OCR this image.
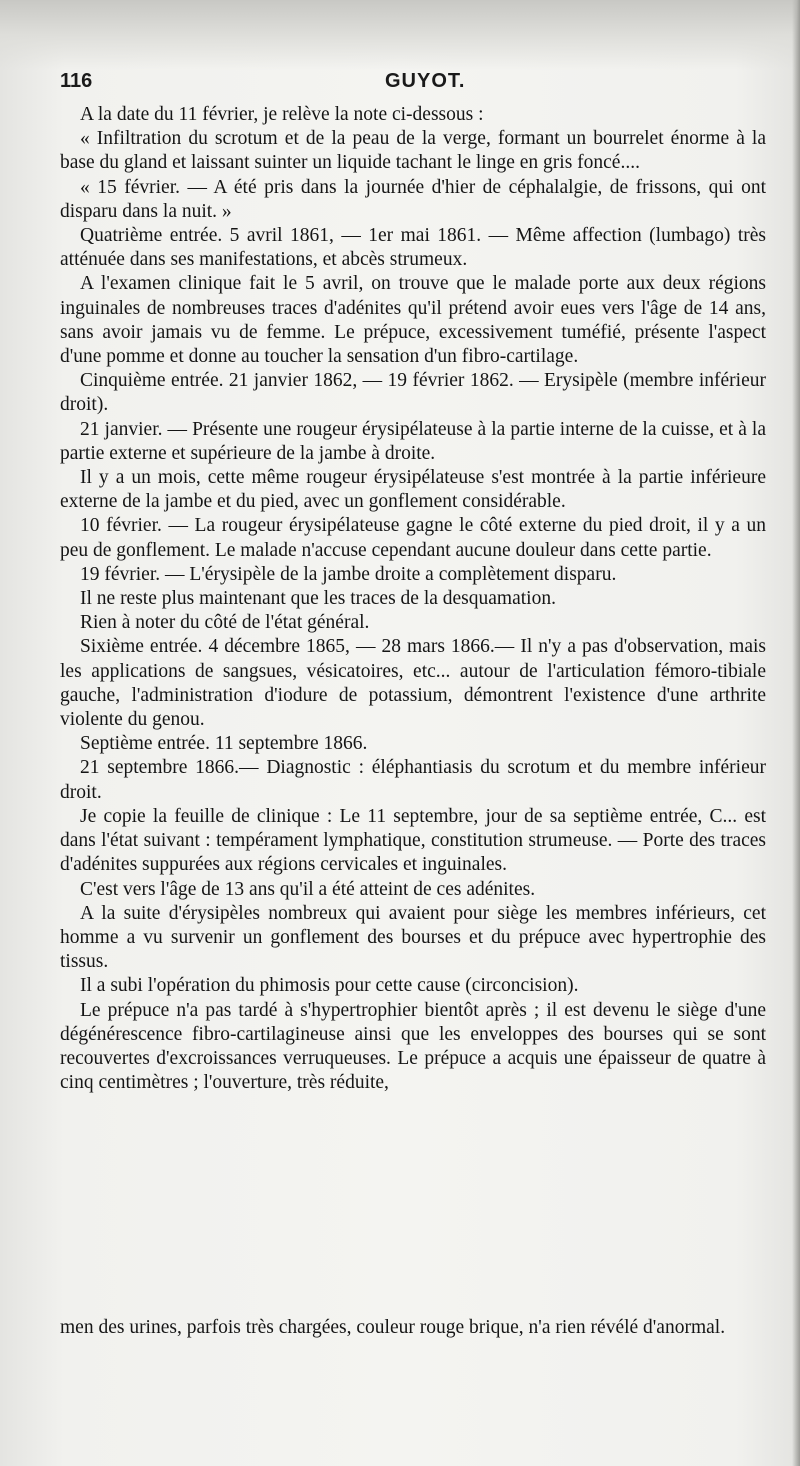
116	GUYOT.

A la date du 11 février, je relève la note ci-dessous :

« Infiltration du scrotum et de la peau de la verge, formant un bourrelet énorme à la base du gland et laissant suinter un liquide tachant le linge en gris foncé....

« 15 février. — A été pris dans la journée d'hier de céphalalgie, de frissons, qui ont disparu dans la nuit. »

Quatrième entrée. 5 avril 1861, — 1er mai 1861. — Même affection (lumbago) très atténuée dans ses manifestations, et abcès strumeux.

A l'examen clinique fait le 5 avril, on trouve que le malade porte aux deux régions inguinales de nombreuses traces d'adénites qu'il prétend avoir eues vers l'âge de 14 ans, sans avoir jamais vu de femme. Le prépuce, excessivement tuméfié, présente l'aspect d'une pomme et donne au toucher la sensation d'un fibro-cartilage.

Cinquième entrée. 21 janvier 1862, — 19 février 1862. — Erysipèle (membre inférieur droit).

21 janvier. — Présente une rougeur érysipélateuse à la partie interne de la cuisse, et à la partie externe et supérieure de la jambe à droite.

Il y a un mois, cette même rougeur érysipélateuse s'est montrée à la partie inférieure externe de la jambe et du pied, avec un gonflement considérable.

10 février. — La rougeur érysipélateuse gagne le côté externe du pied droit, il y a un peu de gonflement. Le malade n'accuse cependant aucune douleur dans cette partie.

19 février. — L'érysipèle de la jambe droite a complètement disparu.

Il ne reste plus maintenant que les traces de la desquamation.

Rien à noter du côté de l'état général.

Sixième entrée. 4 décembre 1865, — 28 mars 1866.— Il n'y a pas d'observation, mais les applications de sangsues, vésicatoires, etc... autour de l'articulation fémoro-tibiale gauche, l'administration d'iodure de potassium, démontrent l'existence d'une arthrite violente du genou.

Septième entrée. 11 septembre 1866.

21 septembre 1866.— Diagnostic : éléphantiasis du scrotum et du membre inférieur droit.

Je copie la feuille de clinique : Le 11 septembre, jour de sa septième entrée, C... est dans l'état suivant : tempérament lymphatique, constitution strumeuse. — Porte des traces d'adénites suppurées aux régions cervicales et inguinales.

C'est vers l'âge de 13 ans qu'il a été atteint de ces adénites.

A la suite d'érysipèles nombreux qui avaient pour siège les membres inférieurs, cet homme a vu survenir un gonflement des bourses et du prépuce avec hypertrophie des tissus.

Il a subi l'opération du phimosis pour cette cause (circoncision).

Le prépuce n'a pas tardé à s'hypertrophier bientôt après ; il est devenu le siège d'une dégénérescence fibro-cartilagineuse ainsi que les enveloppes des bourses qui se sont recouvertes d'excroissances verruqueuses. Le prépuce a acquis une épaisseur de quatre à cinq centimètres ; l'ouverture, très réduite,

men des urines, parfois très chargées, couleur rouge brique, n'a rien révélé d'anormal.
